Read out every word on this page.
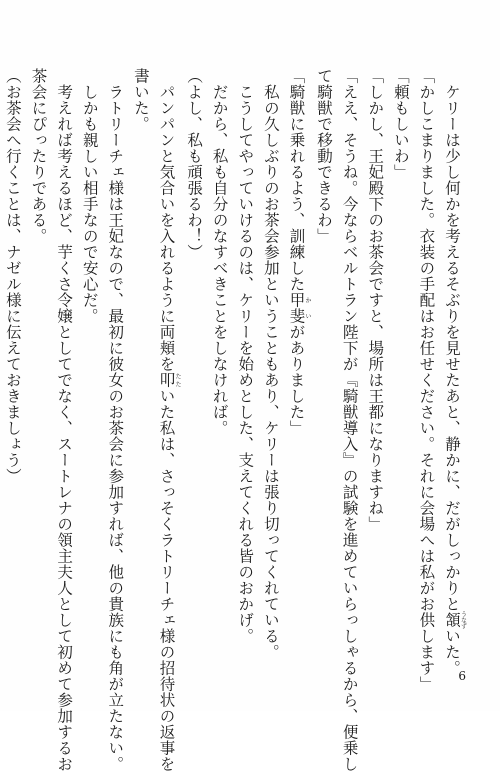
ケリーは少し何かを考えるそぶりを見せたあと、静かに、だがしっかりと頷うなずいた。
「かしこまりました。衣装の手配はお任せください。それに会場へは私がお供します」
「頼もしいわ」
「しかし、王妃殿下のお茶会ですと、場所は王都になりますね」
「ええ、そうね。今ならベルトラン陛下が『騎獣導入』の試験を進めていらっしゃるから、便乗し
て騎獣で移動できるわ」
「騎獣に乗れるよう、訓練した甲斐かいがありました」
私の久しぶりのお茶会参加ということもあり、ケリーは張り切ってくれている。
こうしてやっていけるのは、ケリーを始めとした、支えてくれる皆のおかげ。
だから、私も自分のなすべきことをしなければ。
（よし、私も頑張るわ！）
パンパンと気合いを入れるように両頬を叩たたいた私は、さっそくラトリーチェ様の招待状の返事を
書いた。
ラトリーチェ様は王妃なので、最初に彼女のお茶会に参加すれば、他の貴族にも角が立たない。
しかも親しい相手なので安心だ。
考えれば考えるほど、芋くさ令嬢としてでなく、スートレナの領主夫人として初めて参加するお
茶会にぴったりである。
（お茶会へ行くことは、ナゼル様に伝えておきましょう）
6
